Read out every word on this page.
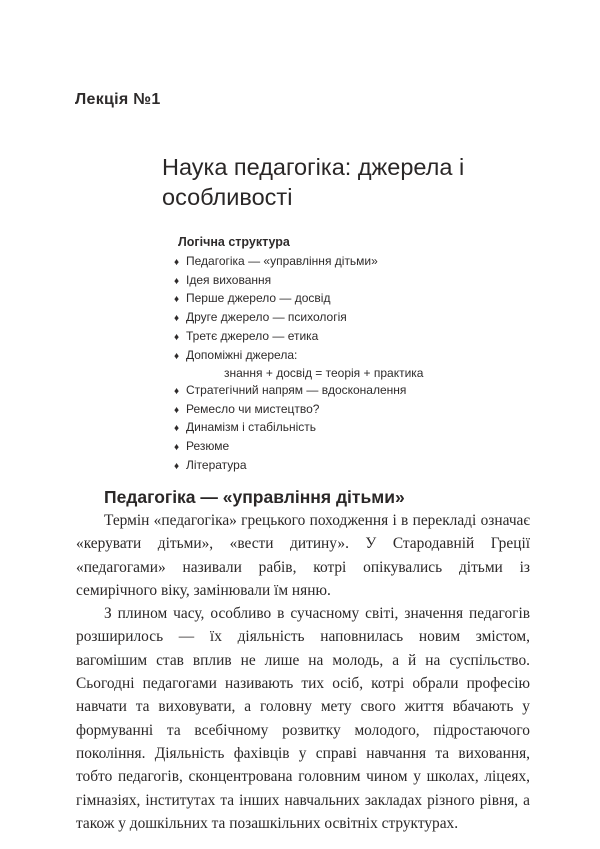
Лекція №1
Наука педагогіка: джерела і особливості
Логічна структура
♦ Педагогіка — «управління дітьми»
♦ Ідея виховання
♦ Перше джерело — досвід
♦ Друге джерело — психологія
♦ Третє джерело — етика
♦ Допоміжні джерела:
знання + досвід = теорія + практика
♦ Стратегічний напрям — вдосконалення
♦ Ремесло чи мистецтво?
♦ Динамізм і стабільність
♦ Резюме
♦ Література
Педагогіка — «управління дітьми»

Термін «педагогіка» грецького походження і в перекладі означає «керувати дітьми», «вести дитину». У Стародавній Греції «педагогами» називали рабів, котрі опікувались дітьми із семирічного віку, замінювали їм няню.

З плином часу, особливо в сучасному світі, значення педагогів розширилось — їх діяльність наповнилась новим змістом, вагомішим став вплив не лише на молодь, а й на суспільство. Сьогодні педагогами називають тих осіб, котрі обрали професію навчати та виховувати, а головну мету свого життя вбачають у формуванні та всебічному розвитку молодого, підростаючого покоління. Діяльність фахівців у справі навчання та виховання, тобто педагогів, сконцентрована головним чином у школах, ліцеях, гімназіях, інститутах та інших навчальних закладах різного рівня, а також у дошкільних та позашкільних освітніх структурах.
